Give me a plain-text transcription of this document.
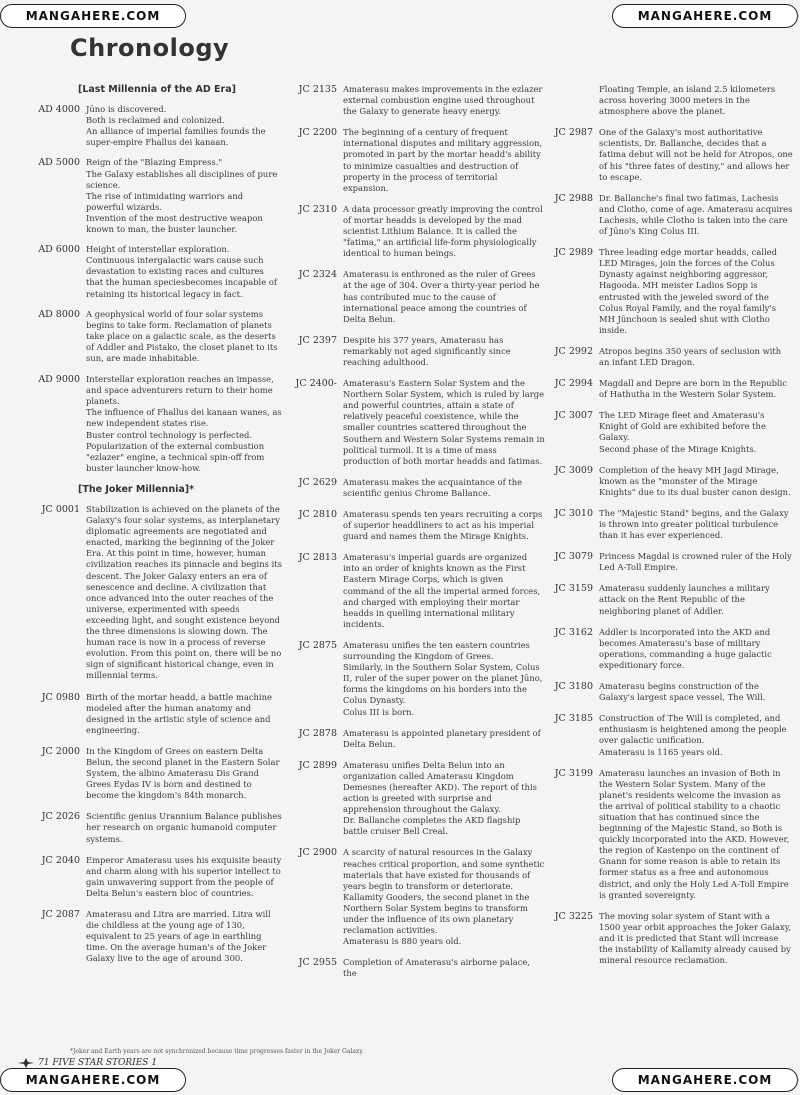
MANGAHERE.COM	MANGAHERE.COM
MANGAHERE.COM	MANGAHERE.COM
Chronology
[Last Millennia of the AD Era]
AD 4000 Jūno is discovered.
Both is reclaimed and colonized.
An alliance of imperial families founds the super-empire Fhallus dei kanaan.
AD 5000 Reign of the "Blazing Empress."
The Galaxy establishes all disciplines of pure science.
The rise of intimidating warriors and powerful wizards.
Invention of the most destructive weapon known to man, the buster launcher.
AD 6000 Height of interstellar exploration.
Continuous intergalactic wars cause such devastation to existing races and cultures that the human speciesbecomes incapable of retaining its historical legacy in fact.
AD 8000 A geophysical world of four solar systems begins to take form. Reclamation of planets take place on a galactic scale, as the deserts of Addler and Pistako, the closet planet to its sun, are made inhabitable.
AD 9000 Interstellar exploration reaches an impasse, and space adventurers return to their home planets.
The influence of Fhallus dei kanaan wanes, as new independent states rise.
Buster control technology is perfected.
Popularization of the external combustion "ezlazer" engine, a technical spin-off from buster launcher know-how.
[The Joker Millennia]*
JC 0001 Stabilization is achieved on the planets of the Galaxy's four solar systems, as interplanetary diplomatic agreements are negotiated and enacted, marking the beginning of the Joker Era. At this point in time, however, human civilization reaches its pinnacle and begins its descent. The Joker Galaxy enters an era of senescence and decline. A civilization that once advanced into the outer reaches of the universe, experimented with speeds exceeding light, and sought existence beyond the three dimensions is slowing down. The human race is now in a process of reverse evolution. From this point on, there will be no sign of significant historical change, even in millennial terms.
JC 0980 Birth of the mortar headd, a battle machine modeled after the human anatomy and designed in the artistic style of science and engineering.
JC 2000 In the Kingdom of Grees on eastern Delta Belun, the second planet in the Eastern Solar System, the albino Amaterasu Dis Grand Grees Eydas IV is born and destined to become the kingdom's 84th monarch.
JC 2026 Scientific genius Urannium Balance publishes her research on organic humanoid computer systems.
JC 2040 Emperor Amaterasu uses his exquisite beauty and charm along with his superior intellect to gain unwavering support from the people of Delta Belun's eastern bloc of countries.
JC 2087 Amaterasu and Litra are married. Litra will die childless at the young age of 130, equivalent to 25 years of age in earthling time. On the average human's of the Joker Galaxy live to the age of around 300.
JC 2135 Amaterasu makes improvements in the ezlazer external combustion engine used throughout the Galaxy to generate heavy energy.
JC 2200 The beginning of a century of frequent international disputes and military aggression, promoted in part by the mortar headd's ability to minimize casualties and destruction of property in the process of territorial expansion.
JC 2310 A data processor greatly improving the control of mortar headds is developed by the mad scientist Lithium Balance. It is called the "fatima," an artificial life-form physiologically identical to human beings.
JC 2324 Amaterasu is enthroned as the ruler of Grees at the age of 304. Over a thirty-year period he has contributed muc to the cause of international peace among the countries of Delta Belun.
JC 2397 Despite his 377 years, Amaterasu has remarkably not aged significantly since reaching adulthood.
JC 2400- Amaterasu's Eastern Solar System and the Northern Solar System, which is ruled by large and powerful countries, attain a state of relatively peaceful coexistence, while the smaller countries scattered throughout the Southern and Western Solar Systems remain in political turmoil. It is a time of mass production of both mortar headds and fatimas.
JC 2629 Amaterasu makes the acquaintance of the scientific genius Chrome Ballance.
JC 2810 Amaterasu spends ten years recruiting a corps of superior headdliners to act as his imperial guard and names them the Mirage Knights.
JC 2813 Amaterasu's imperial guards are organized into an order of knights known as the First Eastern Mirage Corps, which is given command of the all the imperial armed forces, and charged with employing their mortar headds in quelling international military incidents.
JC 2875 Amaterasu unifies the ten eastern countries surrounding the Kingdom of Grees.
Similarly, in the Southern Solar System, Colus II, ruler of the super power on the planet Jūno, forms the kingdoms on his borders into the Colus Dynasty.
Colus III is born.
JC 2878 Amaterasu is appointed planetary president of Delta Belun.
JC 2899 Amaterasu unifies Delta Belun into an organization called Amaterasu Kingdom Demesnes (hereafter AKD). The report of this action is greeted with surprise and apprehension throughout the Galaxy.
Dr. Ballanche completes the AKD flagship battle cruiser Bell Creal.
JC 2900 A scarcity of natural resources in the Galaxy reaches critical proportion, and some synthetic materials that have existed for thousands of years begin to transform or deteriorate.
Kallamity Gooders, the second planet in the Northern Solar System begins to transform under the influence of its own planetary reclamation activities.
Amaterasu is 880 years old.
JC 2955 Completion of Amaterasu's airborne palace, the
Floating Temple, an island 2.5 kilometers across hovering 3000 meters in the atmosphere above the planet.
JC 2987 One of the Galaxy's most authoritative scientists, Dr. Ballanche, decides that a fatima debut will not be held for Atropos, one of his "three fates of destiny," and allows her to escape.
JC 2988 Dr. Ballanche's final two fatimas, Lachesis and Clotho, come of age. Amaterasu acquires Lachesis, while Clotho is taken into the care of Jūno's King Colus III.
JC 2989 Three leading edge mortar headds, called LED Mirages, join the forces of the Colus Dynasty against neighboring aggressor, Hagooda. MH meister Ladios Sopp is entrusted with the jeweled sword of the Colus Royal Family, and the royal family's MH Jūnchoon is sealed shut with Clotho inside.
JC 2992 Atropos begins 350 years of seclusion with an infant LED Dragon.
JC 2994 Magdall and Depre are born in the Republic of Hathutha in the Western Solar System.
JC 3007 The LED Mirage fleet and Amaterasu's Knight of Gold are exhibited before the Galaxy.
Second phase of the Mirage Knights.
JC 3009 Completion of the heavy MH Jagd Mirage, known as the "monster of the Mirage Knights" due to its dual buster canon design.
JC 3010 The "Majestic Stand" begins, and the Galaxy is thrown into greater political turbulence than it has ever experienced.
JC 3079 Princess Magdal is crowned ruler of the Holy Led A-Toll Empire.
JC 3159 Amaterasu suddenly launches a military attack on the Rent Republic of the neighboring planet of Addler.
JC 3162 Addler is incorporated into the AKD and becomes Amaterasu's base of military operations, commanding a huge galactic expeditionary force.
JC 3180 Amaterasu begins construction of the Galaxy's largest space vessel, The Will.
JC 3185 Construction of The Will is completed, and enthusiasm is heightened among the people over galactic unification.
Amaterasu is 1165 years old.
JC 3199 Amaterasu launches an invasion of Both in the Western Solar System. Many of the planet's residents welcome the invasion as the arrival of political stability to a chaotic situation that has continued since the beginning of the Majestic Stand, so Both is quickly incorporated into the AKD. However, the region of Kastenpo on the continent of Gnann for some reason is able to retain its former status as a free and autonomous district, and only the Holy Led A-Toll Empire is granted sovereignty.
JC 3225 The moving solar system of Stant with a 1500 year orbit approaches the Joker Galaxy, and it is predicted that Stant will increase the instability of Kallamity already caused by mineral resource reclamation.
*Joker and Earth years are not synchronized because time progresses faster in the Joker Galaxy.
71 FIVE STAR STORIES 1
